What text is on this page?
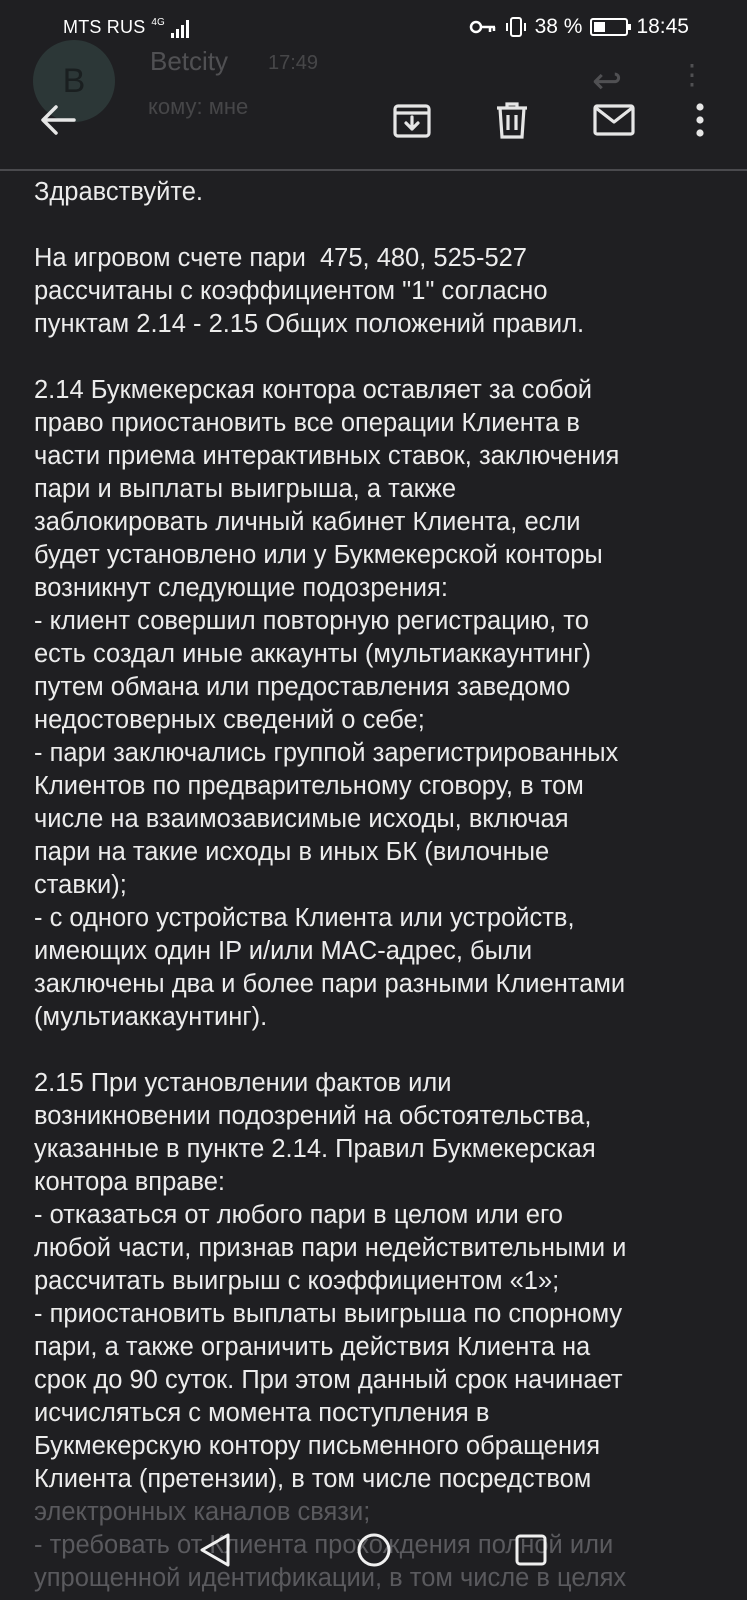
MTS RUS 4G	38 %	18:45
B
Betcity 17:49
кому: мне
↩ ⋮
Здравствуйте.
На игровом счете пари  475, 480, 525-527
рассчитаны с коэффициентом "1" согласно
пунктам 2.14 - 2.15 Общих положений правил.
2.14 Букмекерская контора оставляет за собой
право приостановить все операции Клиента в
части приема интерактивных ставок, заключения
пари и выплаты выигрыша, а также
заблокировать личный кабинет Клиента, если
будет установлено или у Букмекерской конторы
возникнут следующие подозрения:
- клиент совершил повторную регистрацию, то
есть создал иные аккаунты (мультиаккаунтинг)
путем обмана или предоставления заведомо
недостоверных сведений о себе;
- пари заключались группой зарегистрированных
Клиентов по предварительному сговору, в том
числе на взаимозависимые исходы, включая
пари на такие исходы в иных БК (вилочные
ставки);
- с одного устройства Клиента или устройств,
имеющих один IP и/или MAC-адрес, были
заключены два и более пари разными Клиентами
(мультиаккаунтинг).
2.15 При установлении фактов или
возникновении подозрений на обстоятельства,
указанные в пункте 2.14. Правил Букмекерская
контора вправе:
- отказаться от любого пари в целом или его
любой части, признав пари недействительными и
рассчитать выигрыш с коэффициентом «1»;
- приостановить выплаты выигрыша по спорному
пари, а также ограничить действия Клиента на
срок до 90 суток. При этом данный срок начинает
исчисляться с момента поступления в
Букмекерскую контору письменного обращения
Клиента (претензии), в том числе посредством
электронных каналов связи;
- требовать от Клиента прохождения полной или
упрощенной идентификации, в том числе в целях
